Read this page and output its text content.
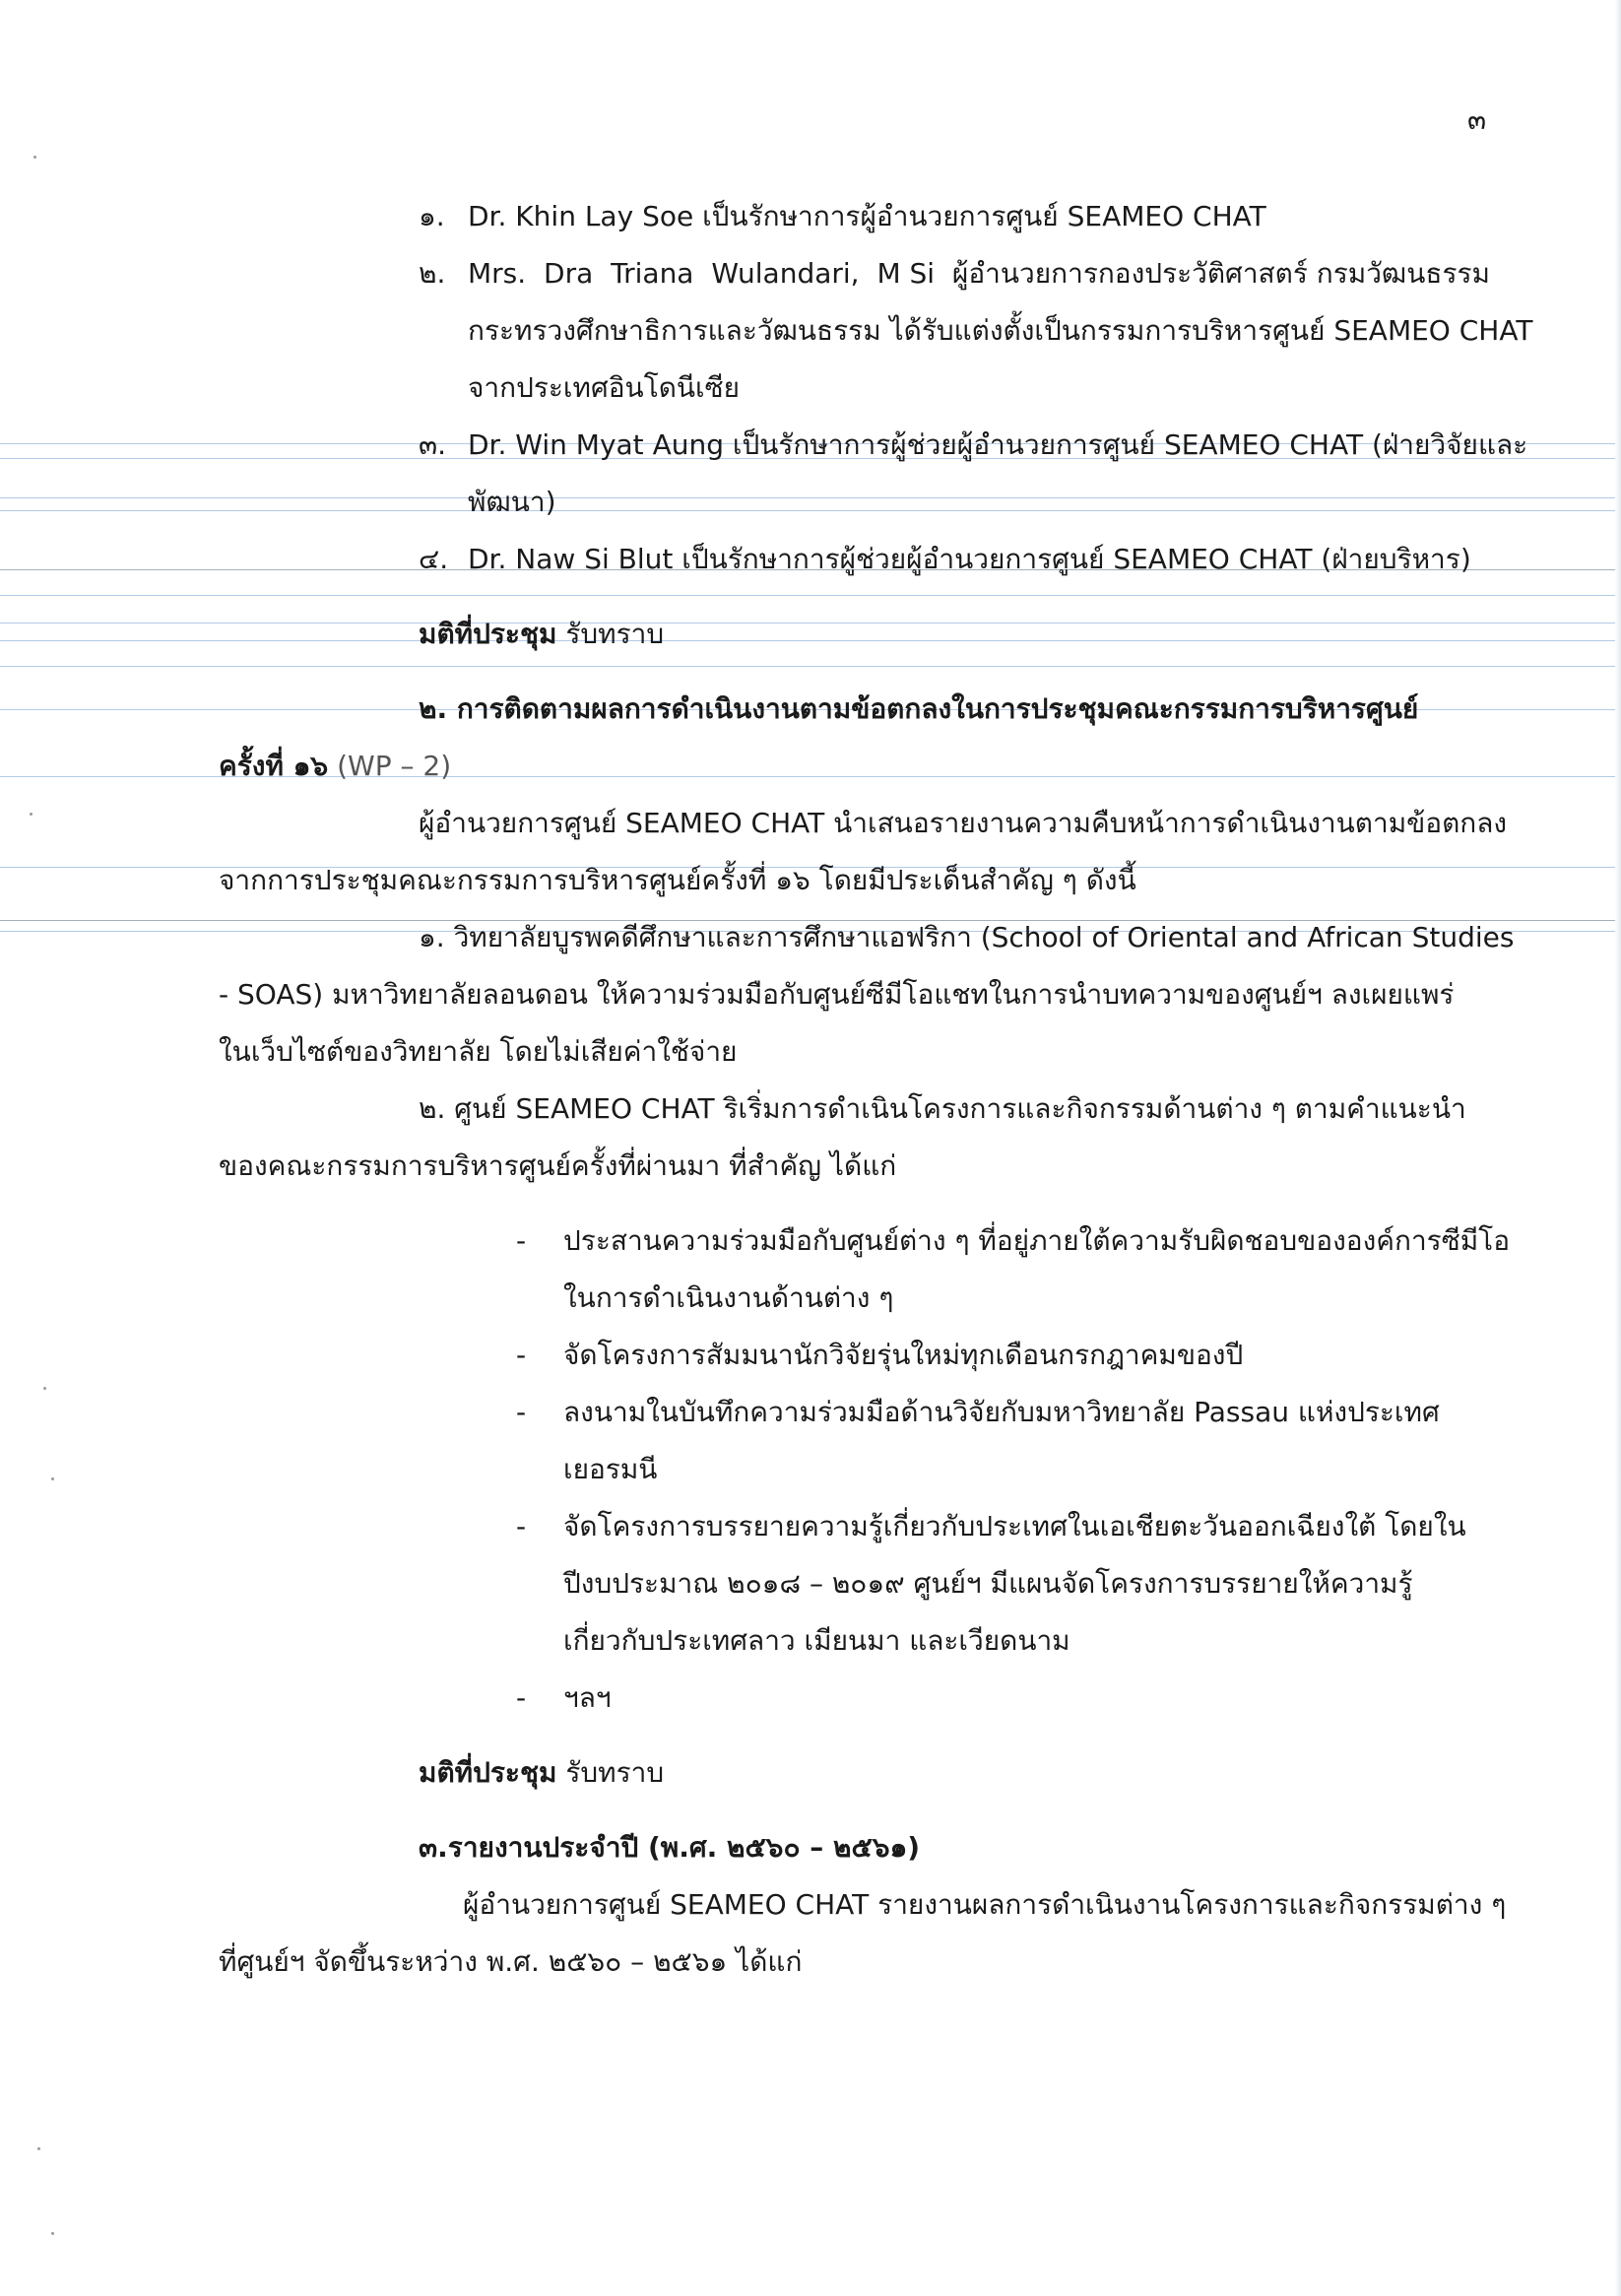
๓
๑. Dr. Khin Lay Soe เป็นรักษาการผู้อำนวยการศูนย์ SEAMEO CHAT
๒. Mrs. Dra Triana Wulandari, M Si ผู้อำนวยการกองประวัติศาสตร์ กรมวัฒนธรรม
กระทรวงศึกษาธิการและวัฒนธรรม ได้รับแต่งตั้งเป็นกรรมการบริหารศูนย์ SEAMEO CHAT
จากประเทศอินโดนีเซีย
๓. Dr. Win Myat Aung เป็นรักษาการผู้ช่วยผู้อำนวยการศูนย์ SEAMEO CHAT (ฝ่ายวิจัยและ
พัฒนา)
๔. Dr. Naw Si Blut เป็นรักษาการผู้ช่วยผู้อำนวยการศูนย์ SEAMEO CHAT (ฝ่ายบริหาร)
มติที่ประชุม รับทราบ
๒. การติดตามผลการดำเนินงานตามข้อตกลงในการประชุมคณะกรรมการบริหารศูนย์
ครั้งที่ ๑๖ (WP – 2)
ผู้อำนวยการศูนย์ SEAMEO CHAT นำเสนอรายงานความคืบหน้าการดำเนินงานตามข้อตกลง
จากการประชุมคณะกรรมการบริหารศูนย์ครั้งที่ ๑๖ โดยมีประเด็นสำคัญ ๆ ดังนี้
๑. วิทยาลัยบูรพคดีศึกษาและการศึกษาแอฟริกา (School of Oriental and African Studies
- SOAS) มหาวิทยาลัยลอนดอน ให้ความร่วมมือกับศูนย์ซีมีโอแชทในการนำบทความของศูนย์ฯ ลงเผยแพร่
ในเว็บไซต์ของวิทยาลัย โดยไม่เสียค่าใช้จ่าย
๒. ศูนย์ SEAMEO CHAT ริเริ่มการดำเนินโครงการและกิจกรรมด้านต่าง ๆ ตามคำแนะนำ
ของคณะกรรมการบริหารศูนย์ครั้งที่ผ่านมา ที่สำคัญ ได้แก่
- ประสานความร่วมมือกับศูนย์ต่าง ๆ ที่อยู่ภายใต้ความรับผิดชอบขององค์การซีมีโอ
ในการดำเนินงานด้านต่าง ๆ
- จัดโครงการสัมมนานักวิจัยรุ่นใหม่ทุกเดือนกรกฎาคมของปี
- ลงนามในบันทึกความร่วมมือด้านวิจัยกับมหาวิทยาลัย Passau แห่งประเทศ
เยอรมนี
- จัดโครงการบรรยายความรู้เกี่ยวกับประเทศในเอเชียตะวันออกเฉียงใต้ โดยใน
ปีงบประมาณ ๒๐๑๘ – ๒๐๑๙ ศูนย์ฯ มีแผนจัดโครงการบรรยายให้ความรู้
เกี่ยวกับประเทศลาว เมียนมา และเวียดนาม
- ฯลฯ
มติที่ประชุม รับทราบ
๓.รายงานประจำปี (พ.ศ. ๒๕๖๐ – ๒๕๖๑)
ผู้อำนวยการศูนย์ SEAMEO CHAT รายงานผลการดำเนินงานโครงการและกิจกรรมต่าง ๆ
ที่ศูนย์ฯ จัดขึ้นระหว่าง พ.ศ. ๒๕๖๐ – ๒๕๖๑ ได้แก่
